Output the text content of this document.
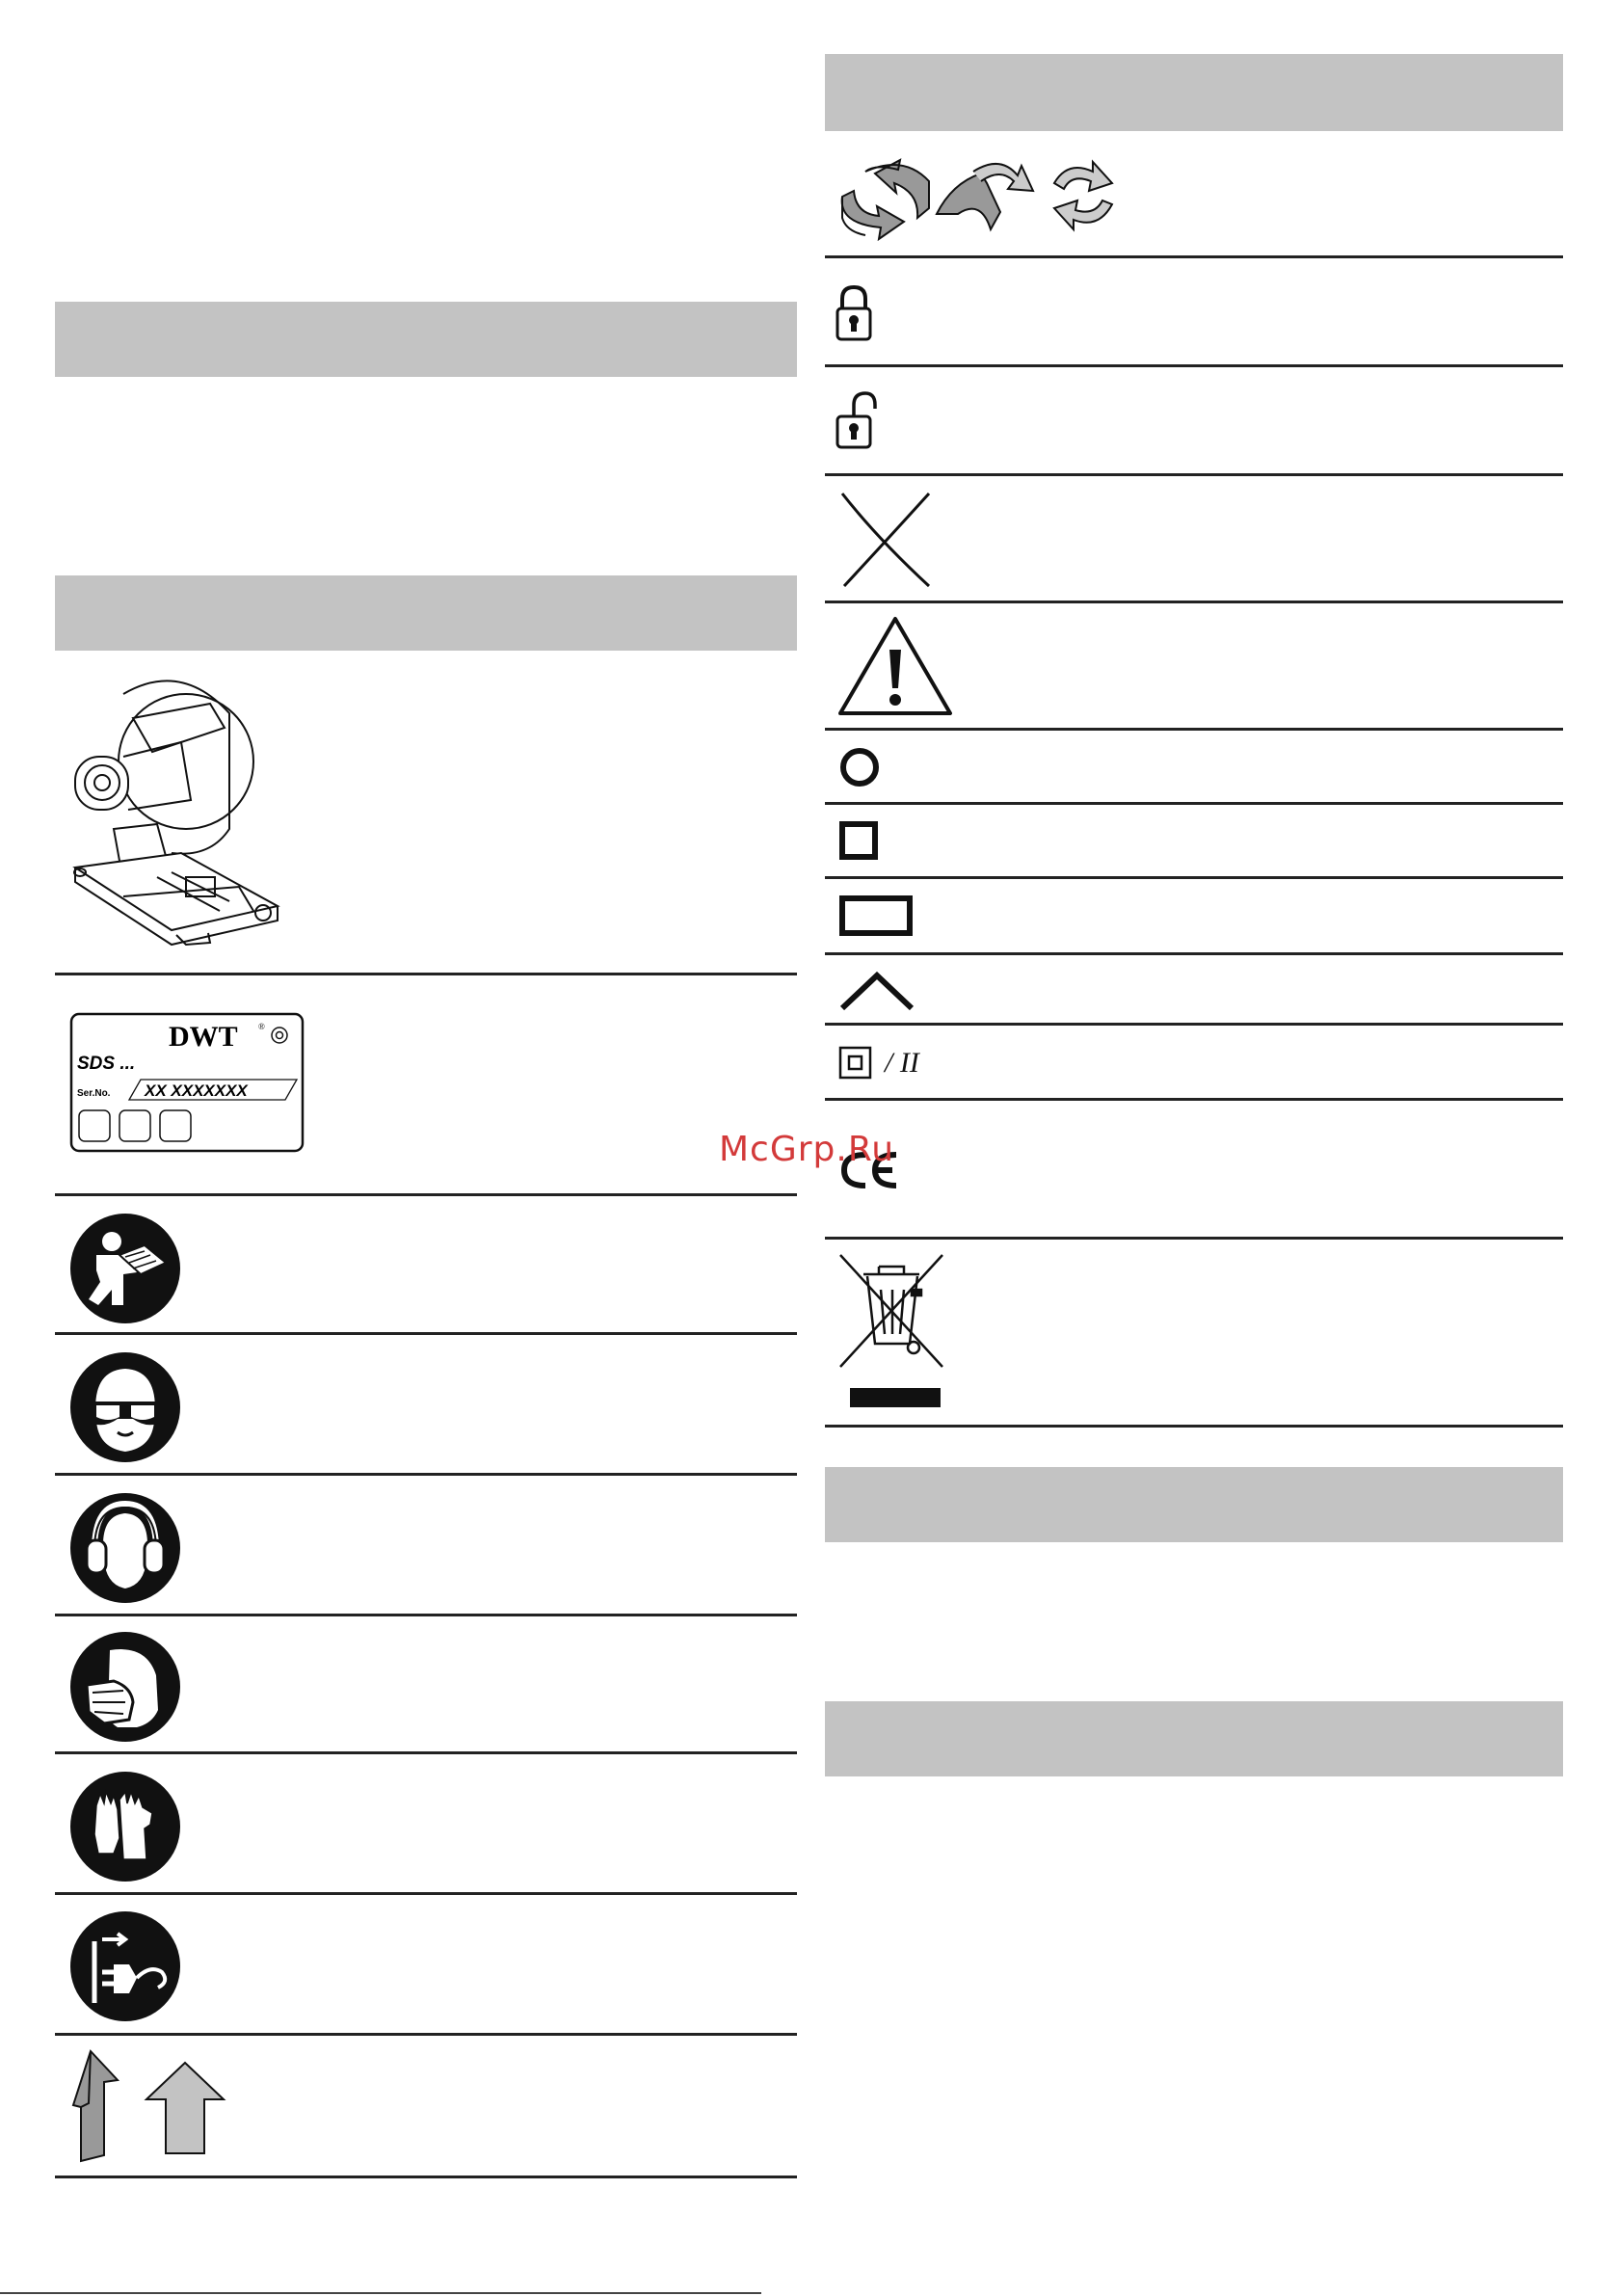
DWT ®
SDS ...
Ser.No. XX XXXXXXX
/ II
McGrp.Ru
